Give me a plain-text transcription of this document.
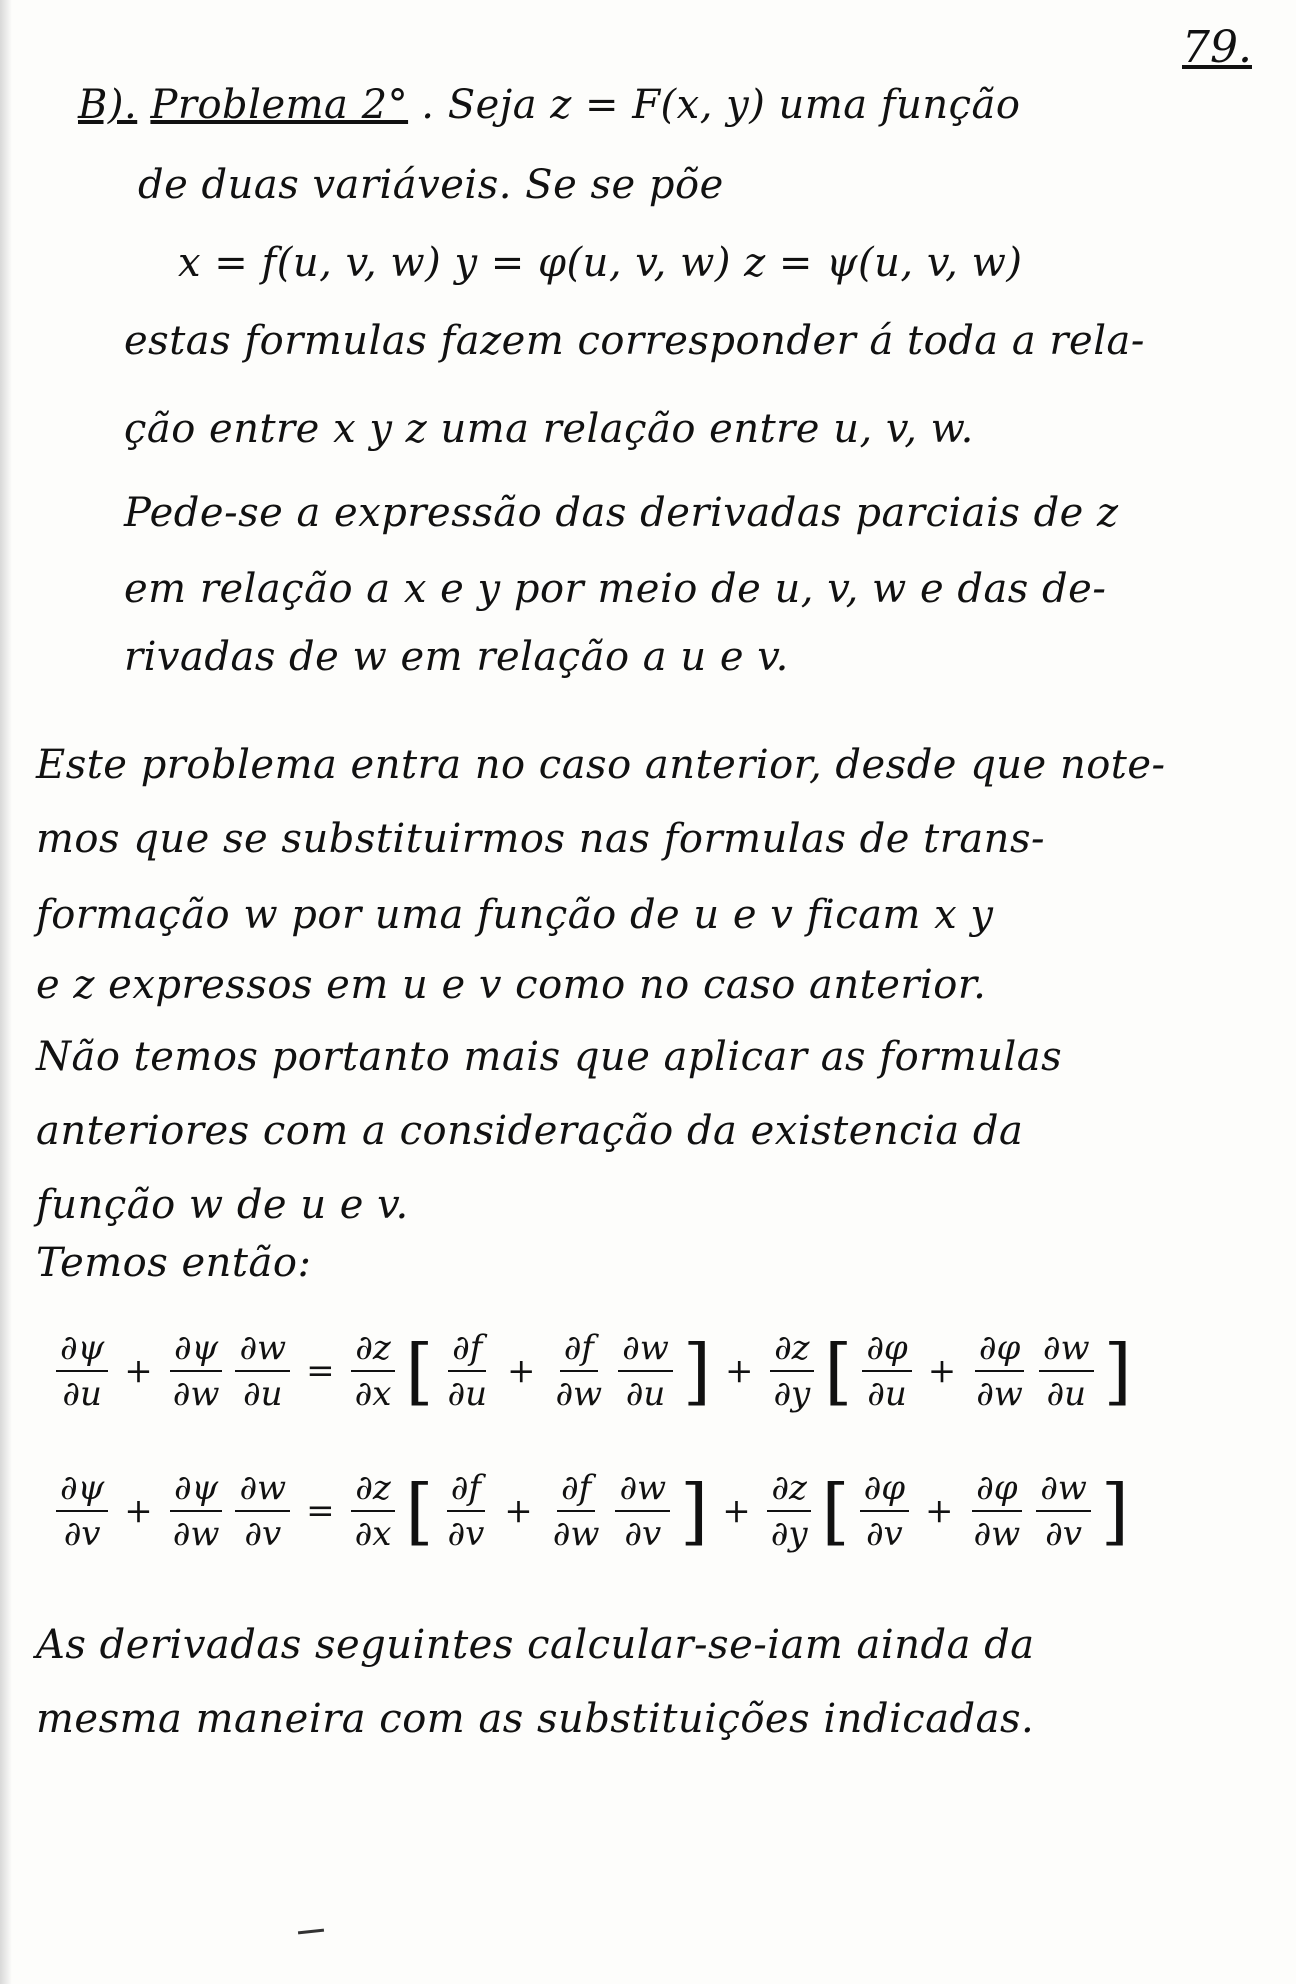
79.
B). Problema 2° . Seja z = F(x, y) uma função
de duas variáveis. Se se põe
x = f(u, v, w) y = φ(u, v, w) z = ψ(u, v, w)
estas formulas fazem corresponder á toda a rela-
ção entre x y z uma relação entre u, v, w.
Pede-se a expressão das derivadas parciais de z
em relação a x e y por meio de u, v, w e das de-
rivadas de w em relação a u e v.
Este problema entra no caso anterior, desde que note-
mos que se substituirmos nas formulas de trans-
formação w por uma função de u e v ficam x y
e z expressos em u e v como no caso anterior.
Não temos portanto mais que aplicar as formulas
anteriores com a consideração da existencia da
função w de u e v.
Temos então:
$\frac{\partial\psi}{\partial u} + \frac{\partial\psi}{\partial w} \frac{\partial w}{\partial u} = \frac{\partial z}{\partial x}$ [ $\frac{\partial f}{\partial u} + \frac{\partial f}{\partial w} \frac{\partial w}{\partial u}$ ] + $\frac{\partial z}{\partial y}$ [ $\frac{\partial\varphi}{\partial u} + \frac{\partial\varphi}{\partial w} \frac{\partial w}{\partial u}$ ]
$\frac{\partial\psi}{\partial v} + \frac{\partial\psi}{\partial w} \frac{\partial w}{\partial v} = \frac{\partial z}{\partial x}$ [ $\frac{\partial f}{\partial v} + \frac{\partial f}{\partial w} \frac{\partial w}{\partial v}$ ] + $\frac{\partial z}{\partial y}$ [ $\frac{\partial\varphi}{\partial v} + \frac{\partial\varphi}{\partial w} \frac{\partial w}{\partial v}$ ]
As derivadas seguintes calcular-se-iam ainda da
mesma maneira com as substituições indicadas.
